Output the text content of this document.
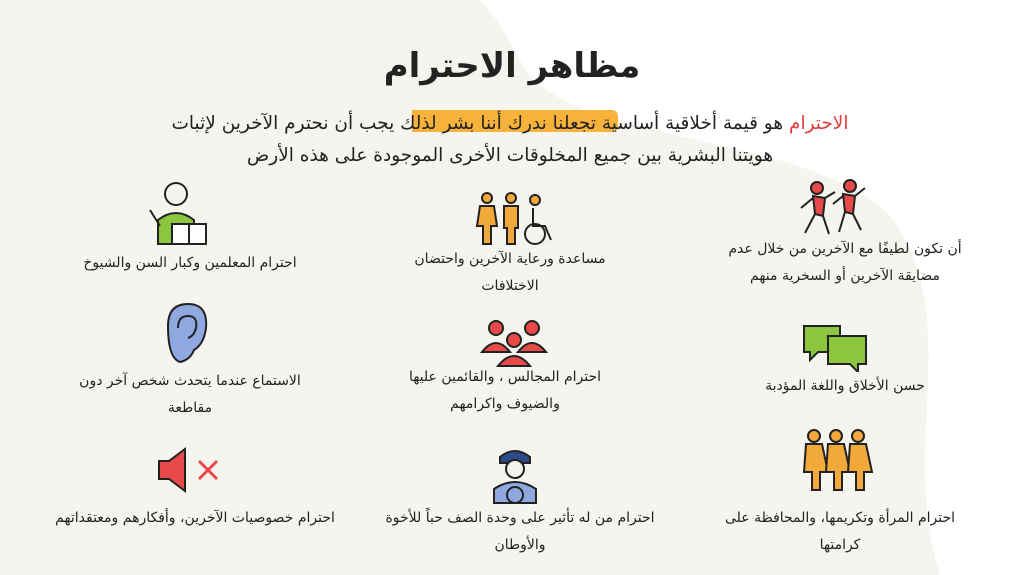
مظاهر الاحترام
الاحترام هو قيمة أخلاقية أساسية تجعلنا ندرك أننا بشر لذلك يجب أن نحترم الآخرين لإثبات هويتنا البشرية بين جميع المخلوقات الأخرى الموجودة على هذه الأرض
أن تكون لطيفًا مع الآخرين من خلال عدم مضايقة الآخرين أو السخرية منهم
مساعدة ورعاية الآخرين واحتضان الاختلافات
احترام المعلمين وكبار السن والشيوخ
حسن الأخلاق واللغة المؤدبة
احترام المجالس ، والقائمين عليها والضيوف واكرامهم
الاستماع عندما يتحدث شخص آخر دون مقاطعة
احترام المرأة وتكريمها، والمحافظة على كرامتها
احترام من له تأثير على وحدة الصف حباً للأخوة والأوطان
احترام خصوصيات الآخرين، وأفكارهم ومعتقداتهم
